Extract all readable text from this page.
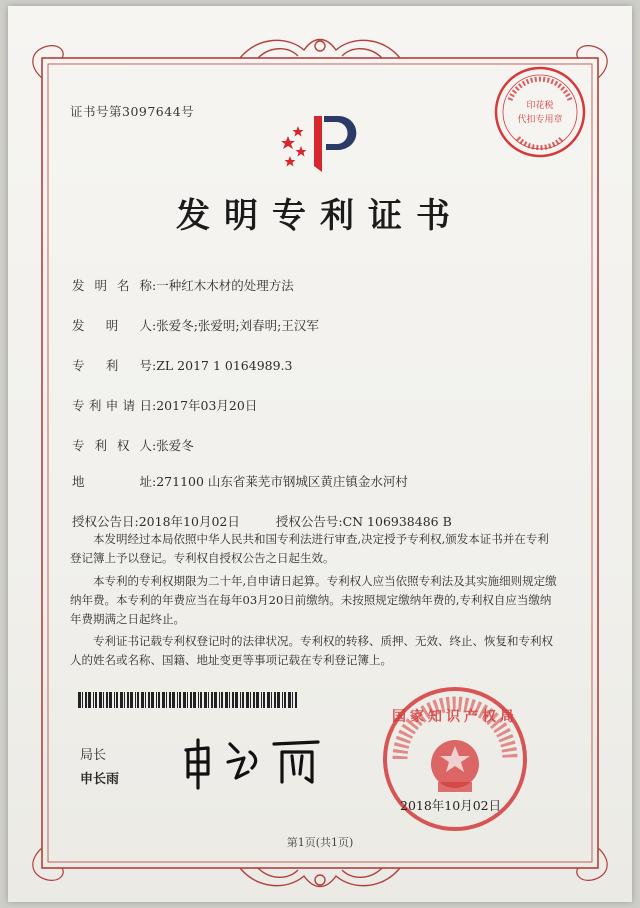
印花税
代扣专用章
证书号第3097644号
发明专利证书
发明名称:一种红木木材的处理方法
发明人:张爱冬;张爱明;刘春明;王汉军
专利号:ZL 2017 1 0164989.3
专利申请日:2017年03月20日
专利权人:张爱冬
地址:271100 山东省莱芜市钢城区黄庄镇金水河村
授权公告日:2018年10月02日	授权公告号:CN 106938486 B
本发明经过本局依照中华人民共和国专利法进行审查,决定授予专利权,颁发本证书并在专利登记簿上予以登记。专利权自授权公告之日起生效。
本专利的专利权期限为二十年,自申请日起算。专利权人应当依照专利法及其实施细则规定缴纳年费。本专利的年费应当在每年03月20日前缴纳。未按照规定缴纳年费的,专利权自应当缴纳年费期满之日起终止。
专利证书记载专利权登记时的法律状况。专利权的转移、质押、无效、终止、恢复和专利权人的姓名或名称、国籍、地址变更等事项记载在专利登记簿上。
局长
申长雨
国家知识产权局
2018年10月02日
第1页(共1页)
